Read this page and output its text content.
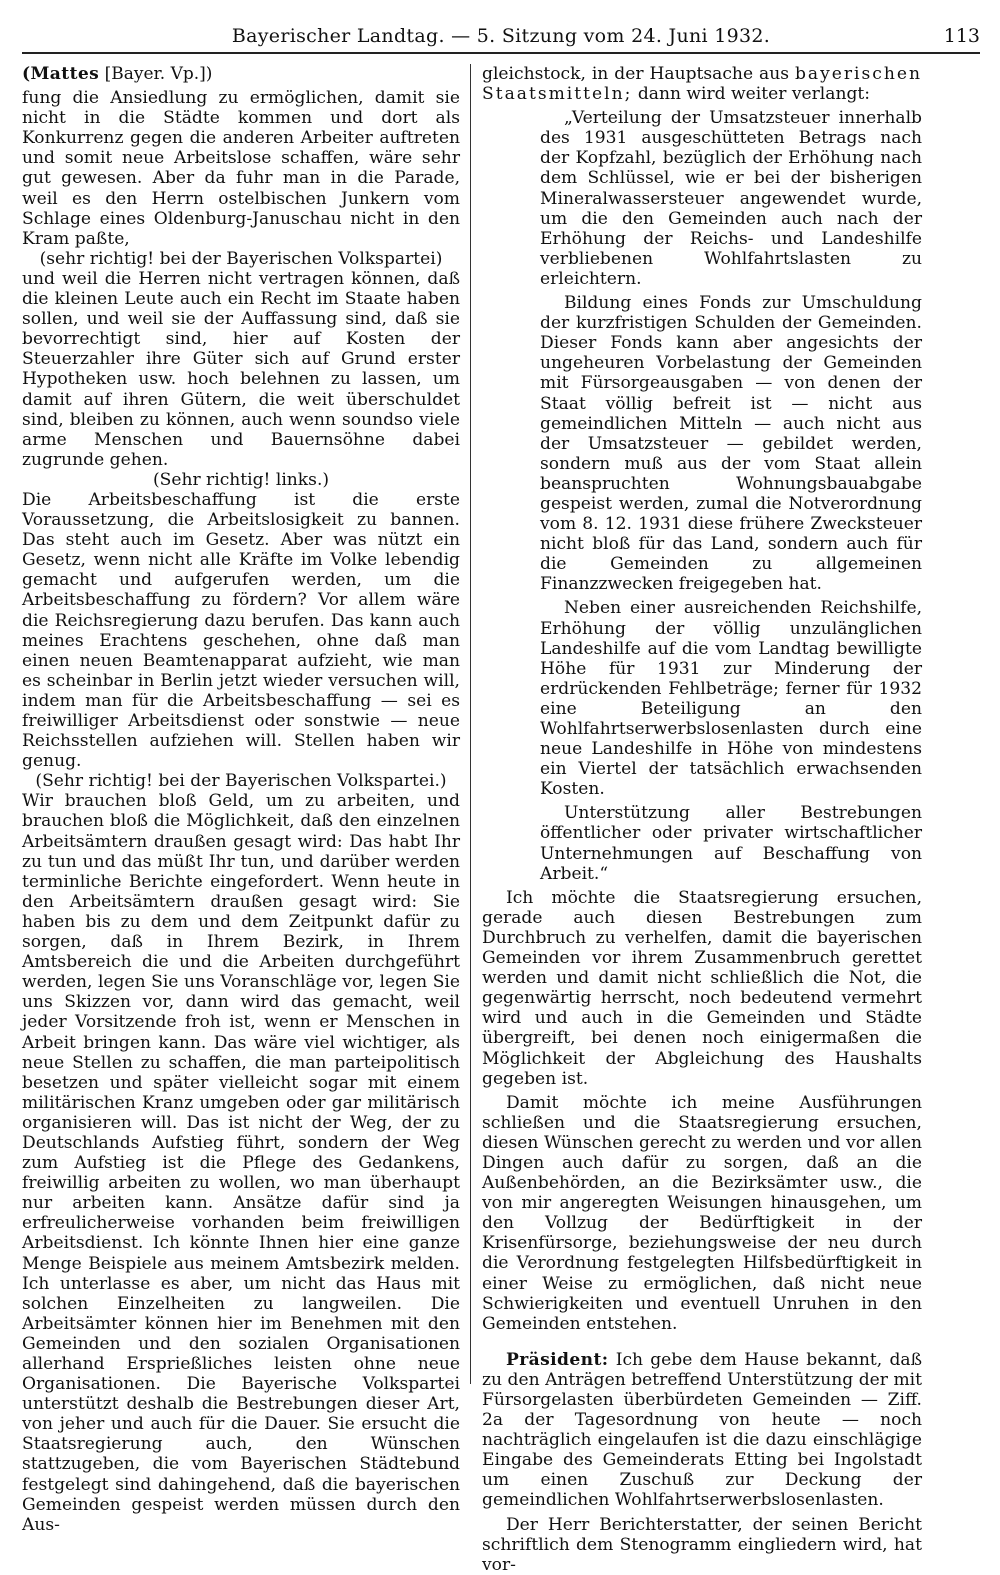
Bayerischer Landtag. — 5. Sitzung vom 24. Juni 1932.	113

(Mattes [Bayer. Vp.])

fung die Ansiedlung zu ermöglichen, damit sie nicht in die Städte kommen und dort als Konkurrenz gegen die anderen Arbeiter auftreten und somit neue Arbeitslose schaffen, wäre sehr gut gewesen. Aber da fuhr man in die Parade, weil es den Herrn ostelbischen Junkern vom Schlage eines Oldenburg-Januschau nicht in den Kram paßte,

(sehr richtig! bei der Bayerischen Volkspartei)

und weil die Herren nicht vertragen können, daß die kleinen Leute auch ein Recht im Staate haben sollen, und weil sie der Auffassung sind, daß sie bevorrechtigt sind, hier auf Kosten der Steuerzahler ihre Güter sich auf Grund erster Hypotheken usw. hoch belehnen zu lassen, um damit auf ihren Gütern, die weit überschuldet sind, bleiben zu können, auch wenn soundso viele arme Menschen und Bauernsöhne dabei zugrunde gehen.

(Sehr richtig! links.)

Die Arbeitsbeschaffung ist die erste Voraussetzung, die Arbeitslosigkeit zu bannen. Das steht auch im Gesetz. Aber was nützt ein Gesetz, wenn nicht alle Kräfte im Volke lebendig gemacht und aufgerufen werden, um die Arbeitsbeschaffung zu fördern? Vor allem wäre die Reichsregierung dazu berufen. Das kann auch meines Erachtens geschehen, ohne daß man einen neuen Beamtenapparat aufzieht, wie man es scheinbar in Berlin jetzt wieder versuchen will, indem man für die Arbeitsbeschaffung — sei es freiwilliger Arbeitsdienst oder sonstwie — neue Reichsstellen aufziehen will. Stellen haben wir genug.

(Sehr richtig! bei der Bayerischen Volkspartei.)

Wir brauchen bloß Geld, um zu arbeiten, und brauchen bloß die Möglichkeit, daß den einzelnen Arbeitsämtern draußen gesagt wird: Das habt Ihr zu tun und das müßt Ihr tun, und darüber werden terminliche Berichte eingefordert. Wenn heute in den Arbeitsämtern draußen gesagt wird: Sie haben bis zu dem und dem Zeitpunkt dafür zu sorgen, daß in Ihrem Bezirk, in Ihrem Amtsbereich die und die Arbeiten durchgeführt werden, legen Sie uns Voranschläge vor, legen Sie uns Skizzen vor, dann wird das gemacht, weil jeder Vorsitzende froh ist, wenn er Menschen in Arbeit bringen kann. Das wäre viel wichtiger, als neue Stellen zu schaffen, die man parteipolitisch besetzen und später vielleicht sogar mit einem militärischen Kranz umgeben oder gar militärisch organisieren will. Das ist nicht der Weg, der zu Deutschlands Aufstieg führt, sondern der Weg zum Aufstieg ist die Pflege des Gedankens, freiwillig arbeiten zu wollen, wo man überhaupt nur arbeiten kann. Ansätze dafür sind ja erfreulicherweise vorhanden beim freiwilligen Arbeitsdienst. Ich könnte Ihnen hier eine ganze Menge Beispiele aus meinem Amtsbezirk melden. Ich unterlasse es aber, um nicht das Haus mit solchen Einzelheiten zu langweilen. Die Arbeitsämter können hier im Benehmen mit den Gemeinden und den sozialen Organisationen allerhand Ersprießliches leisten ohne neue Organisationen. Die Bayerische Volkspartei unterstützt deshalb die Bestrebungen dieser Art, von jeher und auch für die Dauer. Sie ersucht die Staatsregierung auch, den Wünschen stattzugeben, die vom Bayerischen Städtebund festgelegt sind dahingehend, daß die bayerischen Gemeinden gespeist werden müssen durch den Aus-

gleichstock, in der Hauptsache aus bayerischen Staatsmitteln; dann wird weiter verlangt:

„Verteilung der Umsatzsteuer innerhalb des 1931 ausgeschütteten Betrags nach der Kopfzahl, bezüglich der Erhöhung nach dem Schlüssel, wie er bei der bisherigen Mineralwassersteuer angewendet wurde, um die den Gemeinden auch nach der Erhöhung der Reichs- und Landeshilfe verbliebenen Wohlfahrtslasten zu erleichtern.

Bildung eines Fonds zur Umschuldung der kurzfristigen Schulden der Gemeinden. Dieser Fonds kann aber angesichts der ungeheuren Vorbelastung der Gemeinden mit Fürsorgeausgaben — von denen der Staat völlig befreit ist — nicht aus gemeindlichen Mitteln — auch nicht aus der Umsatzsteuer — gebildet werden, sondern muß aus der vom Staat allein beanspruchten Wohnungsbauabgabe gespeist werden, zumal die Notverordnung vom 8. 12. 1931 diese frühere Zwecksteuer nicht bloß für das Land, sondern auch für die Gemeinden zu allgemeinen Finanzzwecken freigegeben hat.

Neben einer ausreichenden Reichshilfe, Erhöhung der völlig unzulänglichen Landeshilfe auf die vom Landtag bewilligte Höhe für 1931 zur Minderung der erdrückenden Fehlbeträge; ferner für 1932 eine Beteiligung an den Wohlfahrtserwerbslosenlasten durch eine neue Landeshilfe in Höhe von mindestens ein Viertel der tatsächlich erwachsenden Kosten.

Unterstützung aller Bestrebungen öffentlicher oder privater wirtschaftlicher Unternehmungen auf Beschaffung von Arbeit.“

Ich möchte die Staatsregierung ersuchen, gerade auch diesen Bestrebungen zum Durchbruch zu verhelfen, damit die bayerischen Gemeinden vor ihrem Zusammenbruch gerettet werden und damit nicht schließlich die Not, die gegenwärtig herrscht, noch bedeutend vermehrt wird und auch in die Gemeinden und Städte übergreift, bei denen noch einigermaßen die Möglichkeit der Abgleichung des Haushalts gegeben ist.

Damit möchte ich meine Ausführungen schließen und die Staatsregierung ersuchen, diesen Wünschen gerecht zu werden und vor allen Dingen auch dafür zu sorgen, daß an die Außenbehörden, an die Bezirksämter usw., die von mir angeregten Weisungen hinausgehen, um den Vollzug der Bedürftigkeit in der Krisenfürsorge, beziehungsweise der neu durch die Verordnung festgelegten Hilfsbedürftigkeit in einer Weise zu ermöglichen, daß nicht neue Schwierigkeiten und eventuell Unruhen in den Gemeinden entstehen.

Präsident: Ich gebe dem Hause bekannt, daß zu den Anträgen betreffend Unterstützung der mit Fürsorgelasten überbürdeten Gemeinden — Ziff. 2a der Tagesordnung von heute — noch nachträglich eingelaufen ist die dazu einschlägige Eingabe des Gemeinderats Etting bei Ingolstadt um einen Zuschuß zur Deckung der gemeindlichen Wohlfahrtserwerbslosenlasten.

Der Herr Berichterstatter, der seinen Bericht schriftlich dem Stenogramm eingliedern wird, hat vor-
